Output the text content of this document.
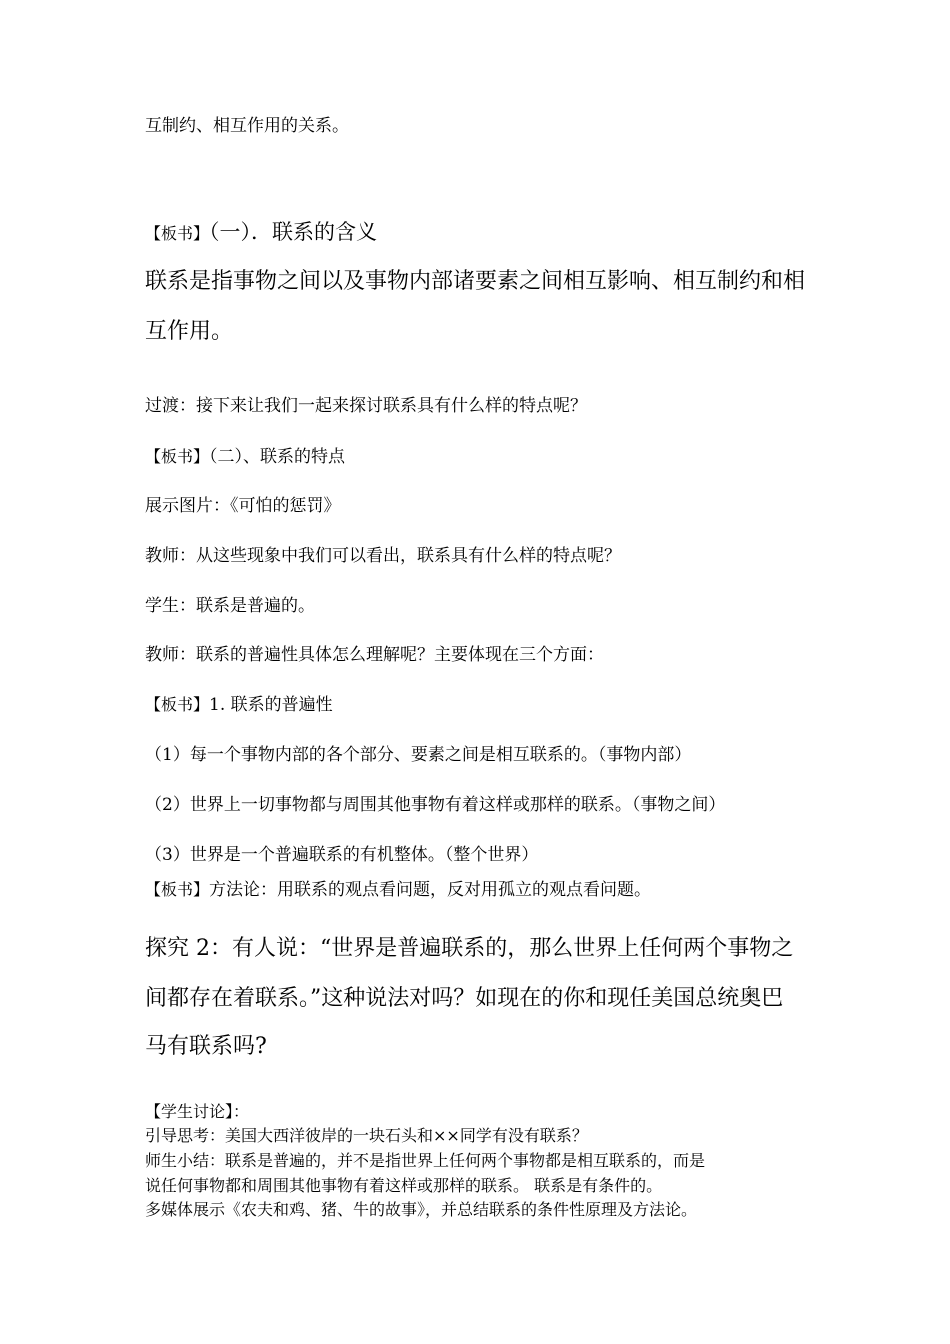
互制约、相互作用的关系。
【板书】（一）．联系的含义
联系是指事物之间以及事物内部诸要素之间相互影响、相互制约和相
互作用。
过渡：接下来让我们一起来探讨联系具有什么样的特点呢？
【板书】（二）、联系的特点
展示图片：《可怕的惩罚》
教师：从这些现象中我们可以看出，联系具有什么样的特点呢？
学生：联系是普遍的。
教师：联系的普遍性具体怎么理解呢？主要体现在三个方面：
【板书】1. 联系的普遍性
（1）每一个事物内部的各个部分、要素之间是相互联系的。（事物内部）
（2）世界上一切事物都与周围其他事物有着这样或那样的联系。（事物之间）
（3）世界是一个普遍联系的有机整体。（整个世界）
【板书】方法论：用联系的观点看问题，反对用孤立的观点看问题。
探究 2：有人说：“世界是普遍联系的，那么世界上任何两个事物之
间都存在着联系。”这种说法对吗？如现在的你和现任美国总统奥巴
马有联系吗?
【学生讨论】：
引导思考：美国大西洋彼岸的一块石头和××同学有没有联系？
师生小结：联系是普遍的，并不是指世界上任何两个事物都是相互联系的，而是
说任何事物都和周围其他事物有着这样或那样的联系。 联系是有条件的。
多媒体展示《农夫和鸡、猪、牛的故事》，并总结联系的条件性原理及方法论。
